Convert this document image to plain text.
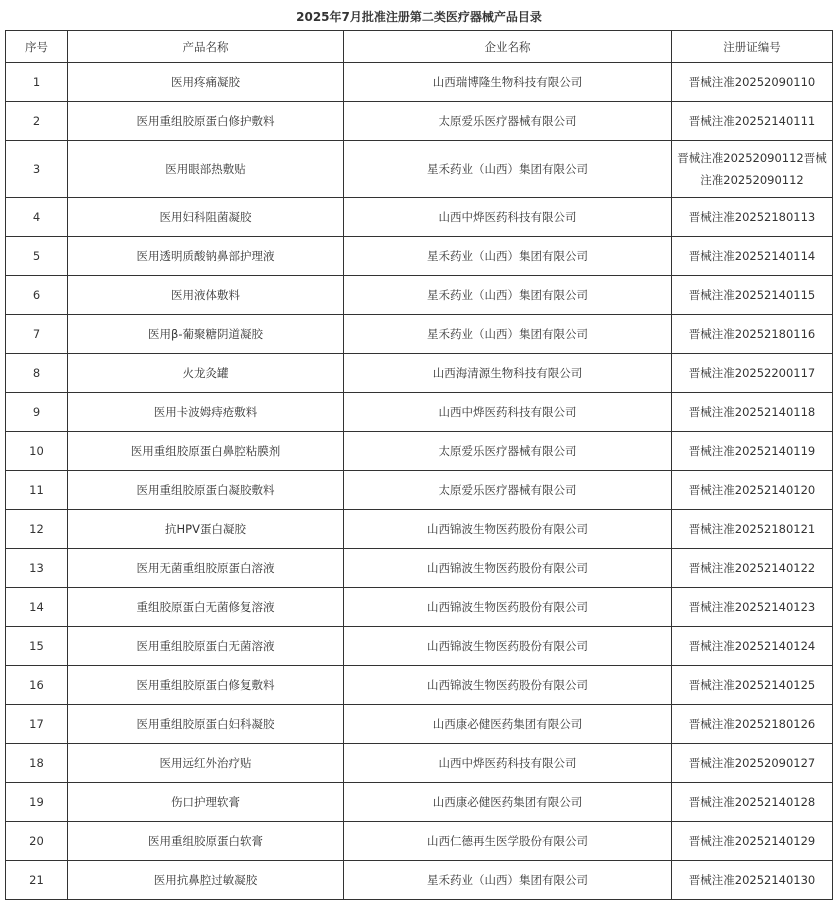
2025年7月批准注册第二类医疗器械产品目录
序号	产品名称	企业名称	注册证编号
1	医用疼痛凝胶	山西瑞博隆生物科技有限公司	晋械注准20252090110
2	医用重组胶原蛋白修护敷料	太原爱乐医疗器械有限公司	晋械注准20252140111
3	医用眼部热敷贴	星禾药业（山西）集团有限公司	晋械注准20252090112晋械注准20252090112
4	医用妇科阻菌凝胶	山西中烨医药科技有限公司	晋械注准20252180113
5	医用透明质酸钠鼻部护理液	星禾药业（山西）集团有限公司	晋械注准20252140114
6	医用液体敷料	星禾药业（山西）集团有限公司	晋械注准20252140115
7	医用β-葡聚糖阴道凝胶	星禾药业（山西）集团有限公司	晋械注准20252180116
8	火龙灸罐	山西海清源生物科技有限公司	晋械注准20252200117
9	医用卡波姆痔疮敷料	山西中烨医药科技有限公司	晋械注准20252140118
10	医用重组胶原蛋白鼻腔粘膜剂	太原爱乐医疗器械有限公司	晋械注准20252140119
11	医用重组胶原蛋白凝胶敷料	太原爱乐医疗器械有限公司	晋械注准20252140120
12	抗HPV蛋白凝胶	山西锦波生物医药股份有限公司	晋械注准20252180121
13	医用无菌重组胶原蛋白溶液	山西锦波生物医药股份有限公司	晋械注准20252140122
14	重组胶原蛋白无菌修复溶液	山西锦波生物医药股份有限公司	晋械注准20252140123
15	医用重组胶原蛋白无菌溶液	山西锦波生物医药股份有限公司	晋械注准20252140124
16	医用重组胶原蛋白修复敷料	山西锦波生物医药股份有限公司	晋械注准20252140125
17	医用重组胶原蛋白妇科凝胶	山西康必健医药集团有限公司	晋械注准20252180126
18	医用远红外治疗贴	山西中烨医药科技有限公司	晋械注准20252090127
19	伤口护理软膏	山西康必健医药集团有限公司	晋械注准20252140128
20	医用重组胶原蛋白软膏	山西仁德再生医学股份有限公司	晋械注准20252140129
21	医用抗鼻腔过敏凝胶	星禾药业（山西）集团有限公司	晋械注准20252140130
